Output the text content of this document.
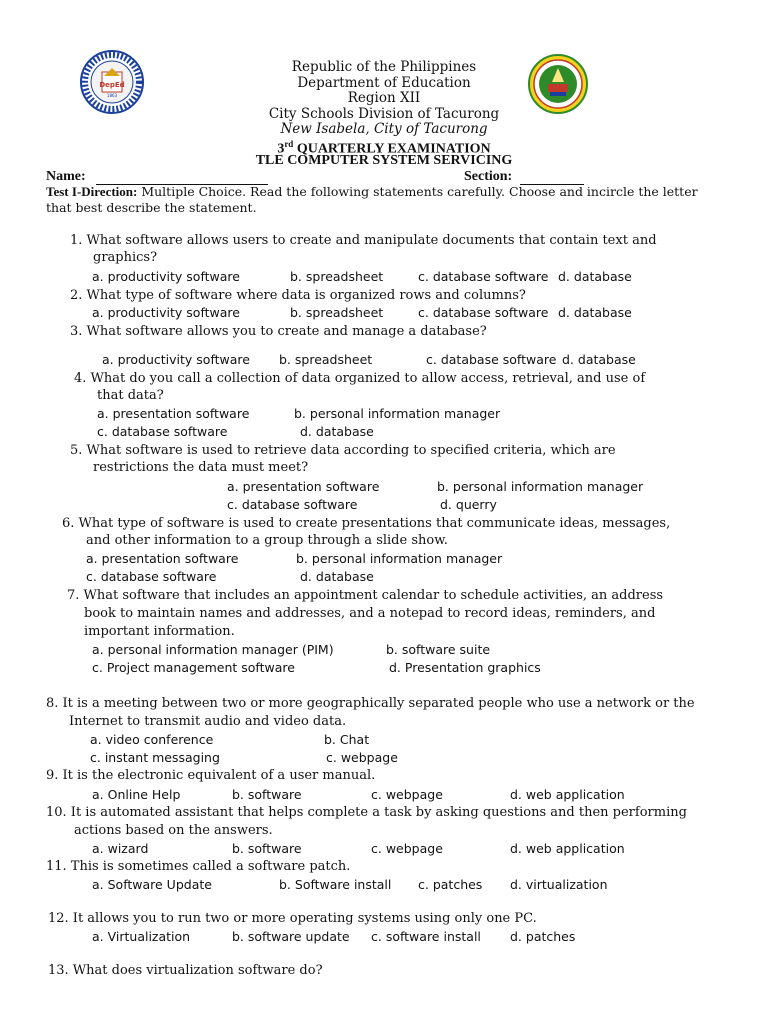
DepEd
1863
Republic of the Philippines
Department of Education
Region XII
City Schools Division of Tacurong
New Isabela, City of Tacurong
3rd QUARTERLY EXAMINATION
TLE COMPUTER SYSTEM SERVICING
Name:	Section:
Test I-Direction: Multiple Choice. Read the following statements carefully. Choose and incircle the letter
that best describe the statement.
1. What software allows users to create and manipulate documents that contain text and
graphics?
a. productivity software	b. spreadsheet	c. database software d. database
2. What type of software where data is organized rows and columns?
a. productivity software	b. spreadsheet	c. database software d. database
3. What software allows you to create and manage a database?
a. productivity software b. spreadsheet	c. database software d. database
4. What do you call a collection of data organized to allow access, retrieval, and use of
that data?
a. presentation software	b. personal information manager
c. database software	d. database
5. What software is used to retrieve data according to specified criteria, which are
restrictions the data must meet?
a. presentation software	b. personal information manager
c. database software	d. querry
6. What type of software is used to create presentations that communicate ideas, messages,
and other information to a group through a slide show.
a. presentation software	b. personal information manager
c. database software	d. database
7. What software that includes an appointment calendar to schedule activities, an address
book to maintain names and addresses, and a notepad to record ideas, reminders, and
important information.
a. personal information manager (PIM)	b. software suite
c. Project management software	d. Presentation graphics
8. It is a meeting between two or more geographically separated people who use a network or the
Internet to transmit audio and video data.
a. video conference	b. Chat
c. instant messaging	c. webpage
9. It is the electronic equivalent of a user manual.
a. Online Help	b. software	c. webpage	d. web application
10. It is automated assistant that helps complete a task by asking questions and then performing
actions based on the answers.
a. wizard	b. software	c. webpage	d. web application
11. This is sometimes called a software patch.
a. Software Update	b. Software install c. patches d. virtualization
12. It allows you to run two or more operating systems using only one PC.
a. Virtualization	b. software update c. software install d. patches
13. What does virtualization software do?
